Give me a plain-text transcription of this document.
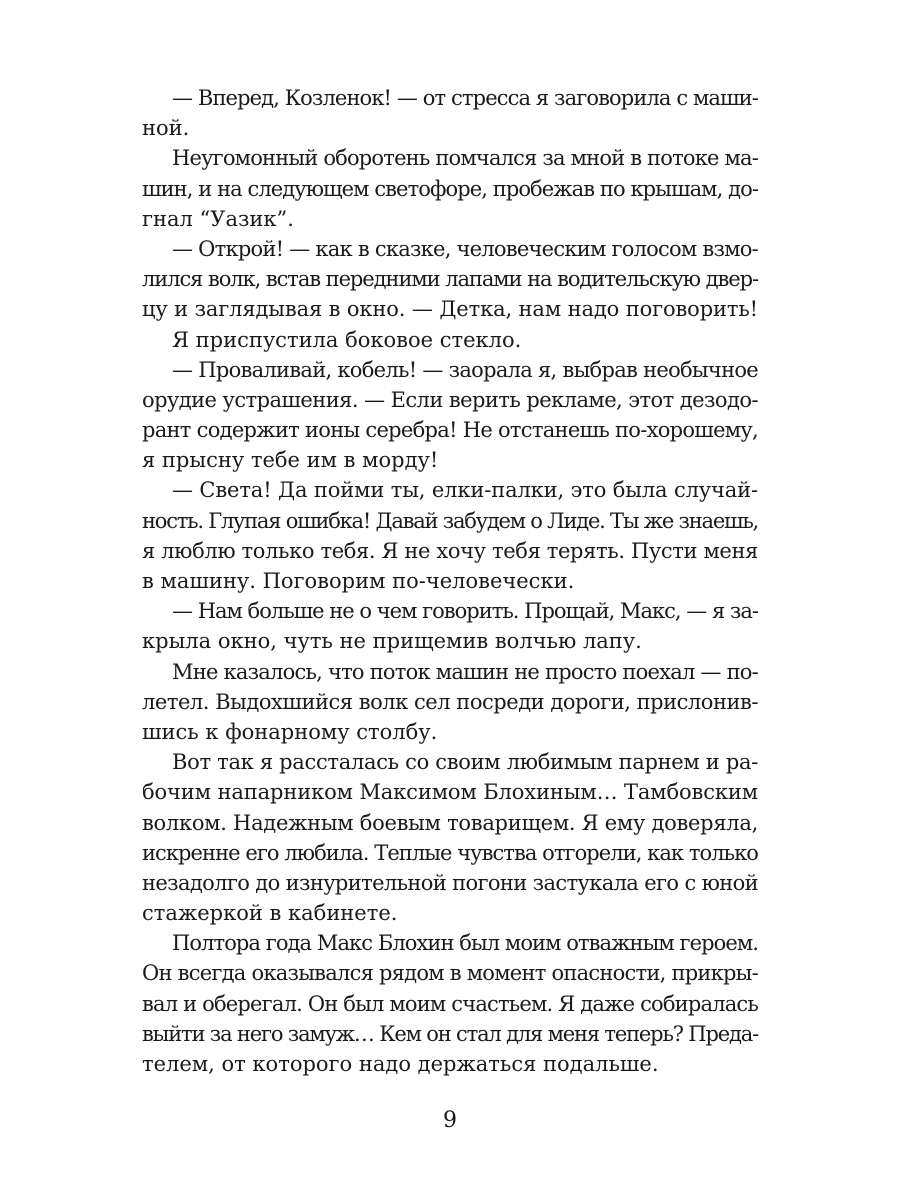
— Вперед, Козленок! — от стресса я заговорила с маши-
ной.
Неугомонный оборотень помчался за мной в потоке ма-
шин, и на следующем светофоре, пробежав по крышам, до-
гнал “Уазик”.
— Открой! — как в сказке, человеческим голосом взмо-
лился волк, встав передними лапами на водительскую двер-
цу и заглядывая в окно. — Детка, нам надо поговорить!
Я приспустила боковое стекло.
— Проваливай, кобель! — заорала я, выбрав необычное
орудие устрашения. — Если верить рекламе, этот дезодо-
рант содержит ионы серебра! Не отстанешь по-хорошему,
я прысну тебе им в морду!
— Света! Да пойми ты, елки-палки, это была случай-
ность. Глупая ошибка! Давай забудем о Лиде. Ты же знаешь,
я люблю только тебя. Я не хочу тебя терять. Пусти меня
в машину. Поговорим по-человечески.
— Нам больше не о чем говорить. Прощай, Макс, — я за-
крыла окно, чуть не прищемив волчью лапу.
Мне казалось, что поток машин не просто поехал — по-
летел. Выдохшийся волк сел посреди дороги, прислонив-
шись к фонарному столбу.
Вот так я рассталась со своим любимым парнем и ра-
бочим напарником Максимом Блохиным… Тамбовским
волком. Надежным боевым товарищем. Я ему доверяла,
искренне его любила. Теплые чувства отгорели, как только
незадолго до изнурительной погони застукала его с юной
стажеркой в кабинете.
Полтора года Макс Блохин был моим отважным героем.
Он всегда оказывался рядом в момент опасности, прикры-
вал и оберегал. Он был моим счастьем. Я даже собиралась
выйти за него замуж… Кем он стал для меня теперь? Преда-
телем, от которого надо держаться подальше.
9
